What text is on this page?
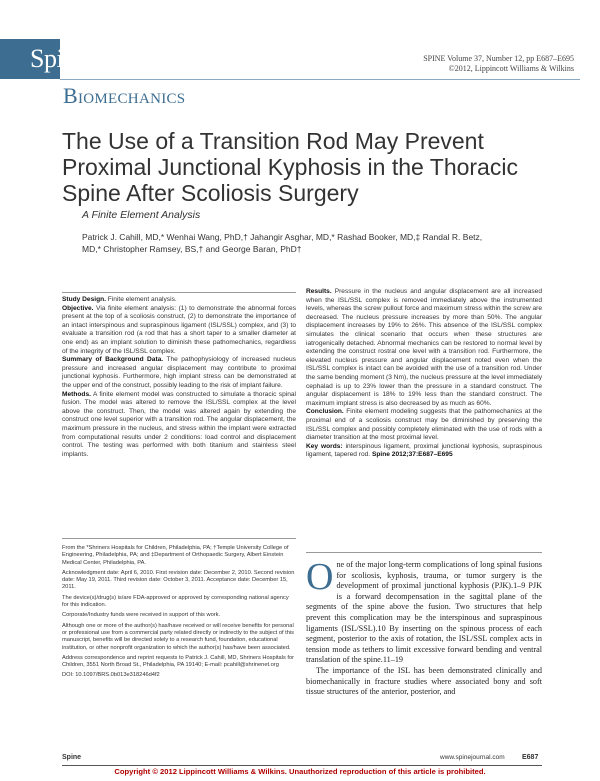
Spine	SPINE Volume 37, Number 12, pp E687–E695
©2012, Lippincott Williams & Wilkins
Biomechanics
The Use of a Transition Rod May Prevent Proximal Junctional Kyphosis in the Thoracic Spine After Scoliosis Surgery
A Finite Element Analysis
Patrick J. Cahill, MD,* Wenhai Wang, PhD,† Jahangir Asghar, MD,* Rashad Booker, MD,‡ Randal R. Betz, MD,* Christopher Ramsey, BS,† and George Baran, PhD†

Study Design. Finite element analysis.

Objective. Via finite element analysis: (1) to demonstrate the abnormal forces present at the top of a scoliosis construct, (2) to demonstrate the importance of an intact interspinous and supraspinous ligament (ISL/SSL) complex, and (3) to evaluate a transition rod (a rod that has a short taper to a smaller diameter at one end) as an implant solution to diminish these pathomechanics, regardless of the integrity of the ISL/SSL complex.

Summary of Background Data. The pathophysiology of increased nucleus pressure and increased angular displacement may contribute to proximal junctional kyphosis. Furthermore, high implant stress can be demonstrated at the upper end of the construct, possibly leading to the risk of implant failure.

Methods. A finite element model was constructed to simulate a thoracic spinal fusion. The model was altered to remove the ISL/SSL complex at the level above the construct. Then, the model was altered again by extending the construct one level superior with a transition rod. The angular displacement, the maximum pressure in the nucleus, and stress within the implant were extracted from computational results under 2 conditions: load control and displacement control. The testing was performed with both titanium and stainless steel implants.

Results. Pressure in the nucleus and angular displacement are all increased when the ISL/SSL complex is removed immediately above the instrumented levels, whereas the screw pullout force and maximum stress within the screw are decreased. The nucleus pressure increases by more than 50%. The angular displacement increases by 19% to 26%. This absence of the ISL/SSL complex simulates the clinical scenario that occurs when these structures are iatrogenically detached. Abnormal mechanics can be restored to normal level by extending the construct rostral one level with a transition rod. Furthermore, the elevated nucleus pressure and angular displacement noted even when the ISL/SSL complex is intact can be avoided with the use of a transition rod. Under the same bending moment (3 Nm), the nucleus pressure at the level immediately cephalad is up to 23% lower than the pressure in a standard construct. The angular displacement is 18% to 19% less than the standard construct. The maximum implant stress is also decreased by as much as 60%.

Conclusion. Finite element modeling suggests that the pathomechanics at the proximal end of a scoliosis construct may be diminished by preserving the ISL/SSL complex and possibly completely eliminated with the use of rods with a diameter transition at the most proximal level.

Key words: interspinous ligament, proximal junctional kyphosis, supraspinous ligament, tapered rod. Spine 2012;37:E687–E695

From the *Shriners Hospitals for Children, Philadelphia, PA; †Temple University College of Engineering, Philadelphia, PA; and ‡Department of Orthopaedic Surgery, Albert Einstein Medical Center, Philadelphia, PA.

Acknowledgment date: April 6, 2010. First revision date: December 2, 2010. Second revision date: May 19, 2011. Third revision date: October 3, 2011. Acceptance date: December 15, 2011.

The device(s)/drug(s) is/are FDA-approved or approved by corresponding national agency for this indication.

Corporate/Industry funds were received in support of this work.

Although one or more of the author(s) has/have received or will receive benefits for personal or professional use from a commercial party related directly or indirectly to the subject of this manuscript, benefits will be directed solely to a research fund, foundation, educational institution, or other nonprofit organization to which the author(s) has/have been associated.

Address correspondence and reprint requests to Patrick J. Cahill, MD, Shriners Hospitals for Children, 3551 North Broad St., Philadelphia, PA 19140; E-mail: pcahill@shrinenet.org

DOI: 10.1097/BRS.0b013e318246d4f2

One of the major long-term complications of long spinal fusions for scoliosis, kyphosis, trauma, or tumor surgery is the development of proximal junctional kyphosis (PJK).1–9 PJK is a forward decompensation in the sagittal plane of the segments of the spine above the fusion. Two structures that help prevent this complication may be the interspinous and supraspinous ligaments (ISL/SSL).10 By inserting on the spinous process of each segment, posterior to the axis of rotation, the ISL/SSL complex acts in tension mode as tethers to limit excessive forward bending and ventral translation of the spine.11–19
The importance of the ISL has been demonstrated clinically and biomechanically in fracture studies where associated bony and soft tissue structures of the anterior, posterior, and
Spine	www.spinejournal.com E687
Copyright © 2012 Lippincott Williams & Wilkins. Unauthorized reproduction of this article is prohibited.
